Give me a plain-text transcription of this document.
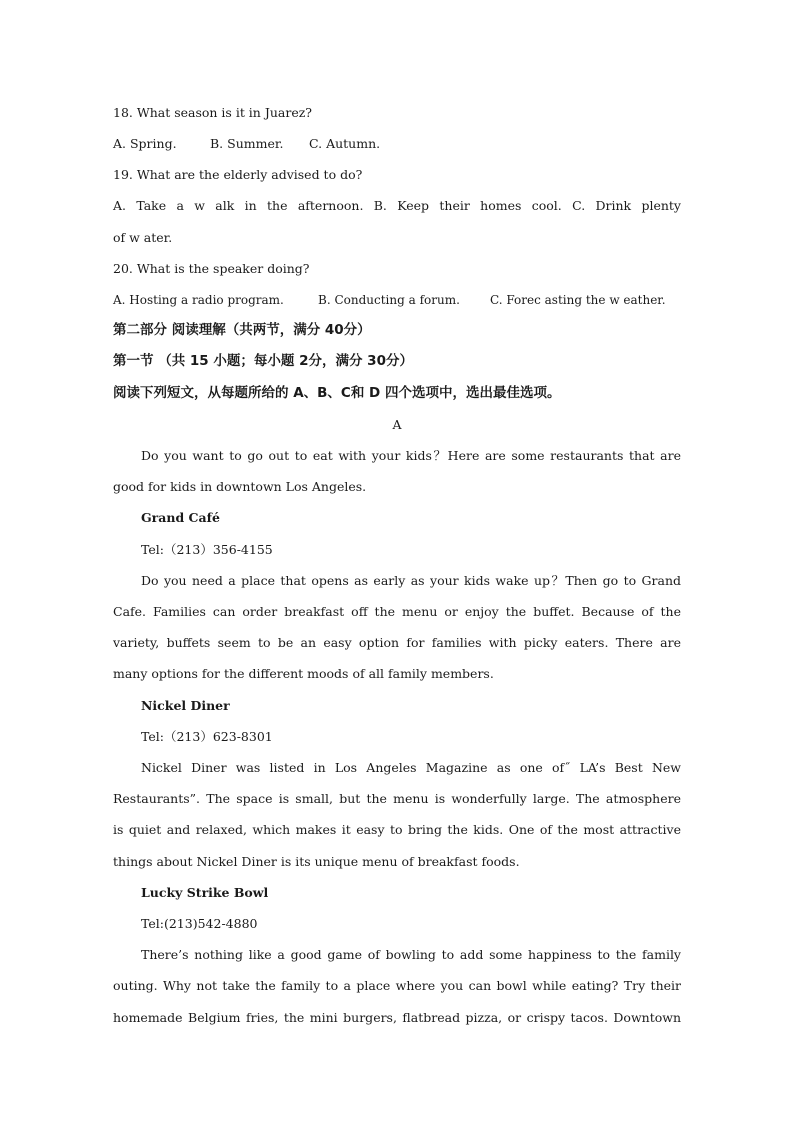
18. What season is it in Juarez?
A. Spring.	B. Summer.	C. Autumn.
19. What are the elderly advised to do?
A. Take a w alk in the afternoon. B. Keep their homes cool. C. Drink plenty
of w ater.
20. What is the speaker doing?
A. Hosting a radio program.	B. Conducting a forum.	C. Forec asting the w eather.
第二部分 阅读理解（共两节，满分 40分）
第一节 （共 15 小题；每小题 2分，满分 30分）
阅读下列短文，从每题所给的 A、B、C和 D 四个选项中，选出最佳选项。
A
Do you want to go out to eat with your kids？Here are some restaurants that are
good for kids in downtown Los Angeles.
Grand Café
Tel:（213）356-4155
Do you need a place that opens as early as your kids wake up？Then go to Grand
Cafe. Families can order breakfast off the menu or enjoy the buffet. Because of the
variety, buffets seem to be an easy option for families with picky eaters. There are
many options for the different moods of all family members.
Nickel Diner
Tel:（213）623-8301
Nickel Diner was listed in Los Angeles Magazine as one of˝ LA’s Best New
Restaurants”. The space is small, but the menu is wonderfully large. The atmosphere
is quiet and relaxed, which makes it easy to bring the kids. One of the most attractive
things about Nickel Diner is its unique menu of breakfast foods.
Lucky Strike Bowl
Tel:(213)542-4880
There’s nothing like a good game of bowling to add some happiness to the family
outing. Why not take the family to a place where you can bowl while eating? Try their
homemade Belgium fries, the mini burgers, flatbread pizza, or crispy tacos. Downtown
